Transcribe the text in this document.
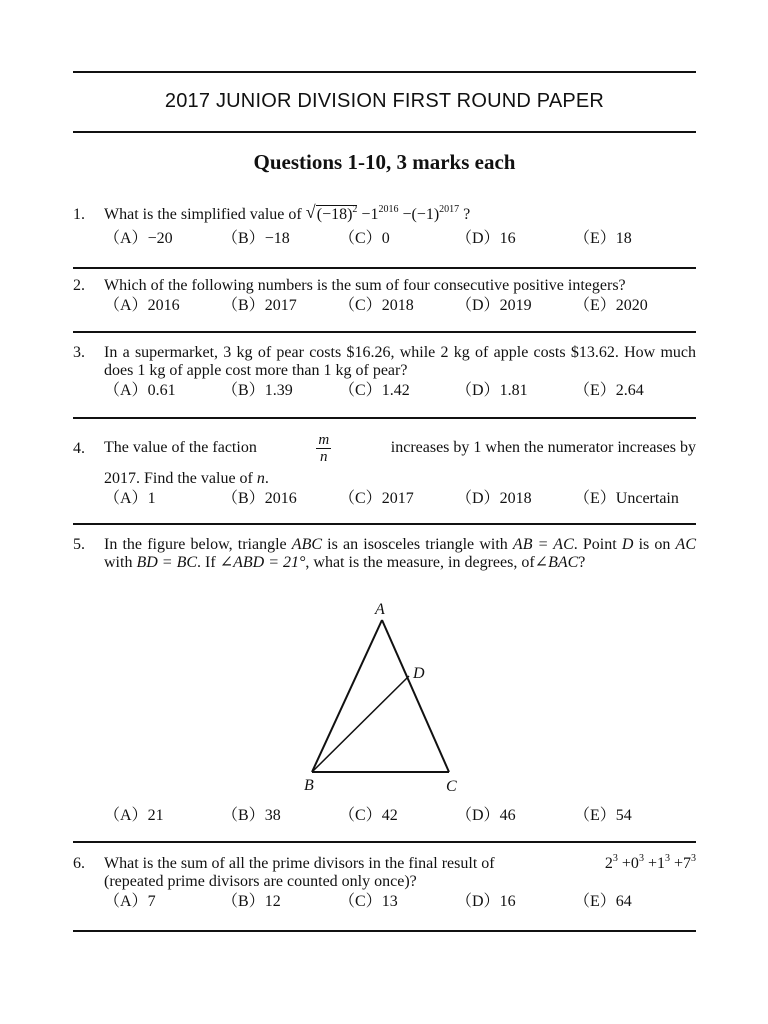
2017 JUNIOR DIVISION FIRST ROUND PAPER
Questions 1-10, 3 marks each
1.	What is the simplified value of √ $(-18)^2 -1^{2016} -(-1)^{2017}$ ?
（A）−20	（B）−18	（C）0	（D）16	（E）18
2.	Which of the following numbers is the sum of four consecutive positive integers?
（A）2016	（B）2017	（C）2018	（D）2019	（E）2020
3.	In a supermarket, 3 kg of pear costs $16.26, while 2 kg of apple costs $13.62. How much does 1 kg of apple cost more than 1 kg of pear?
（A）0.61	（B）1.39	（C）1.42	（D）1.81	（E）2.64
4.	The value of the faction	$\frac{m}{n}$	increases by 1 when the numerator increases by
2017. Find the value of n.
（A）1	（B）2016	（C）2017	（D）2018	（E）Uncertain
5.	In the figure below, triangle ABC is an isosceles triangle with AB = AC. Point D is on AC with BD = BC. If ∠ABD = 21°, what is the measure, in degrees, of∠BAC?
A
D
B	C
（A）21	（B）38	（C）42	（D）46	（E）54
6.	What is the sum of all the prime divisors in the final result of	$2^3 +0^3 +1^3 +7^3$
(repeated prime divisors are counted only once)?
（A）7	（B）12	（C）13	（D）16	（E）64
